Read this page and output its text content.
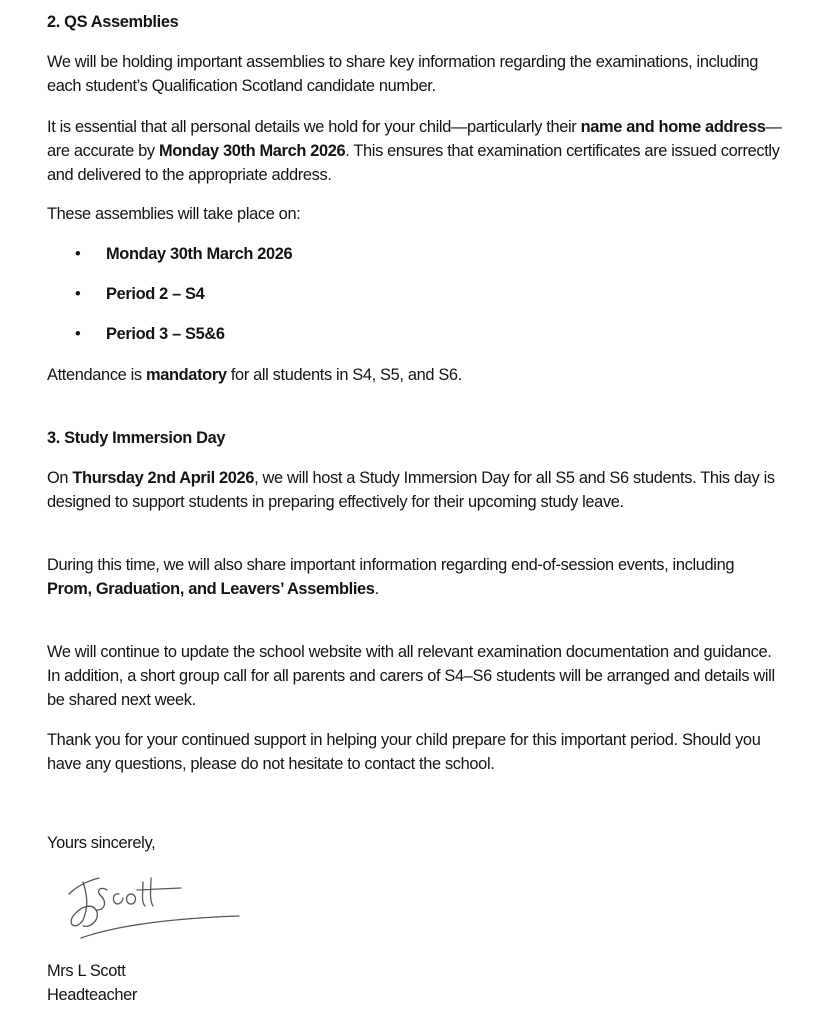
2. QS Assemblies

We will be holding important assemblies to share key information regarding the examinations, including each student’s Qualification Scotland candidate number.

It is essential that all personal details we hold for your child—particularly their name and home address—are accurate by Monday 30th March 2026. This ensures that examination certificates are issued correctly and delivered to the appropriate address.

These assemblies will take place on:

• Monday 30th March 2026
• Period 2 – S4
• Period 3 – S5&6

Attendance is mandatory for all students in S4, S5, and S6.

3. Study Immersion Day

On Thursday 2nd April 2026, we will host a Study Immersion Day for all S5 and S6 students. This day is designed to support students in preparing effectively for their upcoming study leave.

During this time, we will also share important information regarding end-of-session events, including Prom, Graduation, and Leavers’ Assemblies.

We will continue to update the school website with all relevant examination documentation and guidance. In addition, a short group call for all parents and carers of S4–S6 students will be arranged and details will be shared next week.

Thank you for your continued support in helping your child prepare for this important period. Should you have any questions, please do not hesitate to contact the school.

Yours sincerely,

Mrs L Scott

Headteacher
